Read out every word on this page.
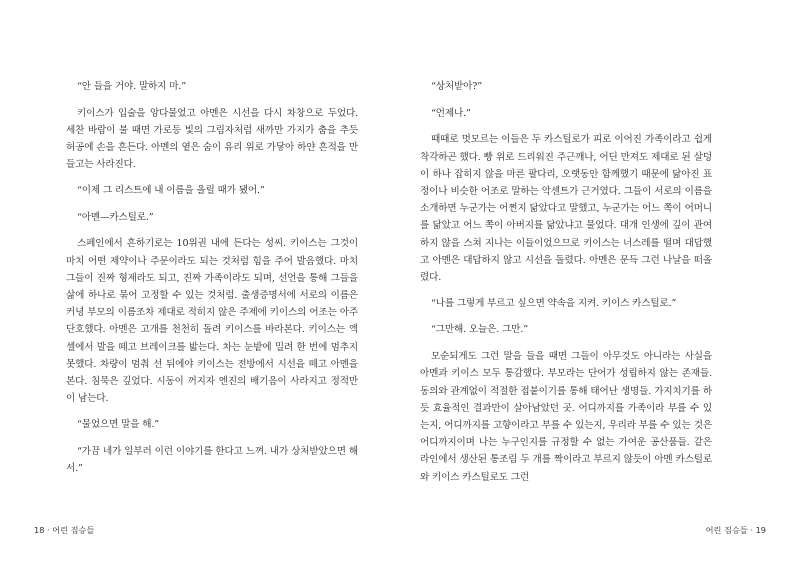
“안 들을 거야. 말하지 마.”

키이스가 입술을 앙다물었고 아멘은 시선을 다시 차창으로 두었다. 세찬 바람이 불 때면 가로등 빛의 그림자처럼 새까만 가지가 춤을 추듯 허공에 손을 흔든다. 아멘의 옅은 숨이 유리 위로 가닿아 하얀 흔적을 만들고는 사라진다.

“이제 그 리스트에 내 이름을 올릴 때가 됐어.”

“아멘—카스틸로.”

스페인에서 흔하기로는 10위권 내에 든다는 성씨. 키이스는 그것이 마치 어떤 제약이나 주문이라도 되는 것처럼 힘을 주어 발음했다. 마치 그들이 진짜 형제라도 되고, 진짜 가족이라도 되며, 선언을 통해 그들을 삶에 하나로 묶어 고정할 수 있는 것처럼. 출생증명서에 서로의 이름은커녕 부모의 이름조차 제대로 적히지 않은 주제에 키이스의 어조는 아주 단호했다. 아멘은 고개를 천천히 돌려 키이스를 바라본다. 키이스는 엑셀에서 발을 떼고 브레이크를 밟는다. 차는 눈밭에 밀려 한 번에 멈추지 못했다. 차량이 멈춰 선 뒤에야 키이스는 전방에서 시선을 떼고 아멘을 본다. 침묵은 깊었다. 시동이 꺼지자 엔진의 배기음이 사라지고 정적만이 남는다.

“물었으면 말을 해.”

“가끔 네가 일부러 이런 이야기를 한다고 느껴. 내가 상처받았으면 해서.”

18 · 어린 짐승들

“상처받아?”

“언제나.”

때때로 멋모르는 이들은 두 카스틸로가 피로 이어진 가족이라고 쉽게 착각하곤 했다. 빵 위로 드리워진 주근깨나, 어딘 만져도 제대로 된 살덩이 하나 잡히지 않을 마른 팔다리, 오랫동안 함께했기 때문에 닮아진 표정이나 비슷한 어조로 말하는 악센트가 근거였다. 그들이 서로의 이름을 소개하면 누군가는 어쩐지 닮았다고 말했고, 누군가는 어느 쪽이 어머니를 닮았고 어느 쪽이 아버지를 닮았냐고 물었다. 대개 인생에 깊이 관여하지 않을 스쳐 지나는 이들이었으므로 키이스는 너스레를 떨며 대답했고 아멘은 대답하지 않고 시선을 돌렸다. 아멘은 문득 그런 나날을 떠올렸다.

“나를 그렇게 부르고 싶으면 약속을 지켜. 키이스 카스틸로.”

“그만해. 오늘은. 그만.”

모순되게도 그런 말을 들을 때면 그들이 아무것도 아니라는 사실을 아멘과 키이스 모두 통감했다. 부모라는 단어가 성립하지 않는 존재들. 동의와 관계없이 적절한 접붙이기를 통해 태어난 생명들. 가지치기를 하듯 효율적인 결과만이 살아남았던 곳. 어디까지를 가족이라 부를 수 있는지, 어디까지를 고향이라고 부를 수 있는지, 우리라 부를 수 있는 것은 어디까지이며 나는 누구인지를 규정할 수 없는 가여운 공산품들. 같은 라인에서 생산된 통조림 두 개를 짝이라고 부르지 않듯이 아멘 카스틸로와 키이스 카스틸로도 그런

어린 짐승들 · 19
